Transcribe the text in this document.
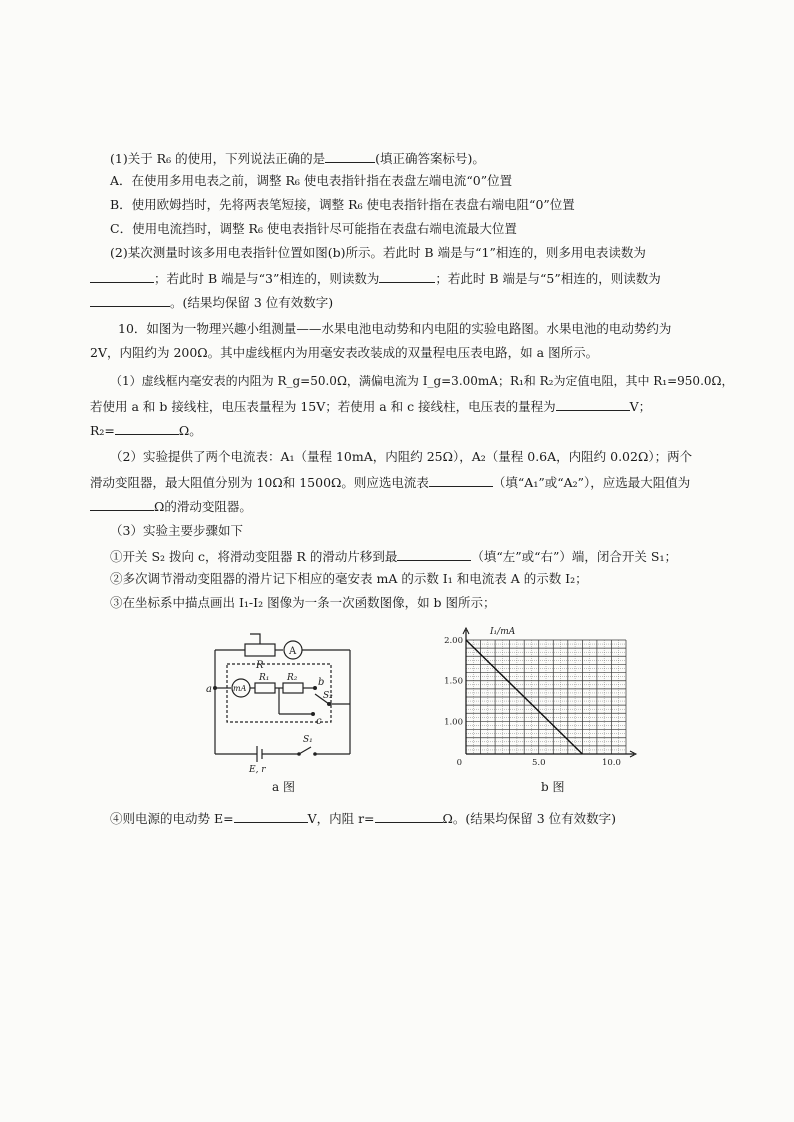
(1)关于 R₆ 的使用，下列说法正确的是	(填正确答案标号)。
A．在使用多用电表之前，调整 R₆ 使电表指针指在表盘左端电流“0”位置
B．使用欧姆挡时，先将两表笔短接，调整 R₆ 使电表指针指在表盘右端电阻“0”位置
C．使用电流挡时，调整 R₆ 使电表指针尽可能指在表盘右端电流最大位置
(2)某次测量时该多用电表指针位置如图(b)所示。若此时 B 端是与“1”相连的，则多用电表读数为
；若此时 B 端是与“3”相连的，则读数为	；若此时 B 端是与“5”相连的，则读数为
。(结果均保留 3 位有效数字)
10．如图为一物理兴趣小组测量——水果电池电动势和内电阻的实验电路图。水果电池的电动势约为
2V，内阻约为 200Ω。其中虚线框内为用毫安表改装成的双量程电压表电路，如 a 图所示。
（1）虚线框内毫安表的内阻为 R_g=50.0Ω，满偏电流为 I_g=3.00mA；R₁和 R₂为定值电阻，其中 R₁=950.0Ω，
若使用 a 和 b 接线柱，电压表量程为 15V；若使用 a 和 c 接线柱，电压表的量程为	V；
R₂=	Ω。
（2）实验提供了两个电流表：A₁（量程 10mA，内阻约 25Ω），A₂（量程 0.6A，内阻约 0.02Ω）；两个
滑动变阻器，最大阻值分别为 10Ω和 1500Ω。则应选电流表	（填“A₁”或“A₂”），应选最大阻值为
Ω的滑动变阻器。
（3）实验主要步骤如下
①开关 S₂ 拨向 c，将滑动变阻器 R 的滑动片移到最	（填“左”或“右”）端，闭合开关 S₁；
②多次调节滑动变阻器的滑片记下相应的毫安表 mA 的示数 I₁ 和电流表 A 的示数 I₂；
③在坐标系中描点画出 I₁-I₂ 图像为一条一次函数图像，如 b 图所示；
R
A
mA
R₁ R₂
a
b
c
S₂
S₁
E, r
a 图
I₁/mA
2.00
1.50
1.00
0	5.0	10.0
b 图
④则电源的电动势 E=	V，内阻 r=	Ω。(结果均保留 3 位有效数字)
